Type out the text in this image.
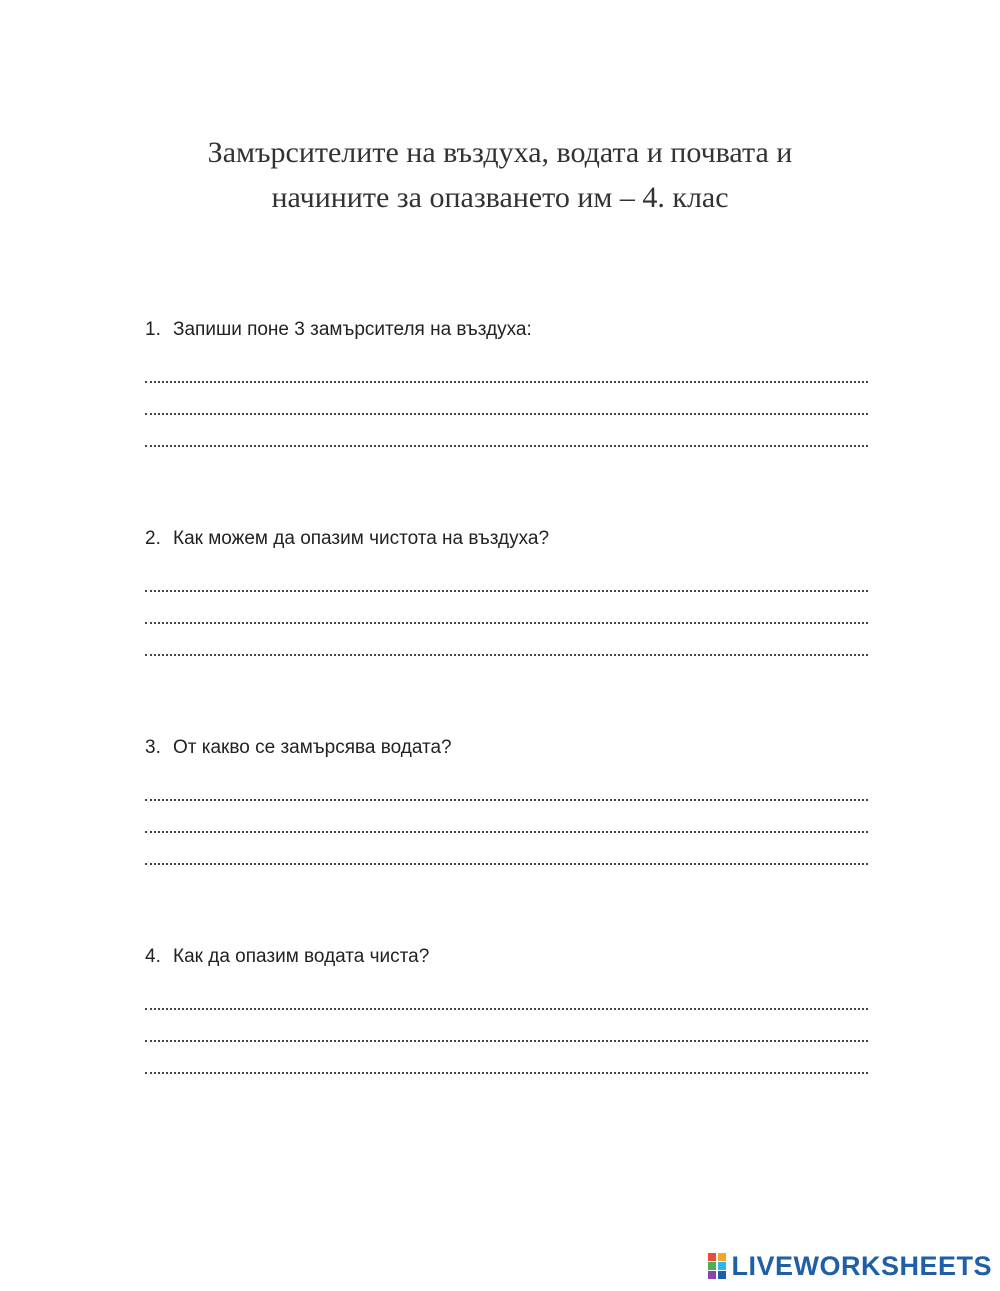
Замърсителите на въздуха, водата и почвата и
начините за опазването им – 4. клас
1. Запиши поне 3 замърсителя на въздуха:
2. Как можем да опазим чистота на въздуха?
3. От какво се замърсява водата?
4. Как да опазим водата чиста?
LIVEWORKSHEETS
